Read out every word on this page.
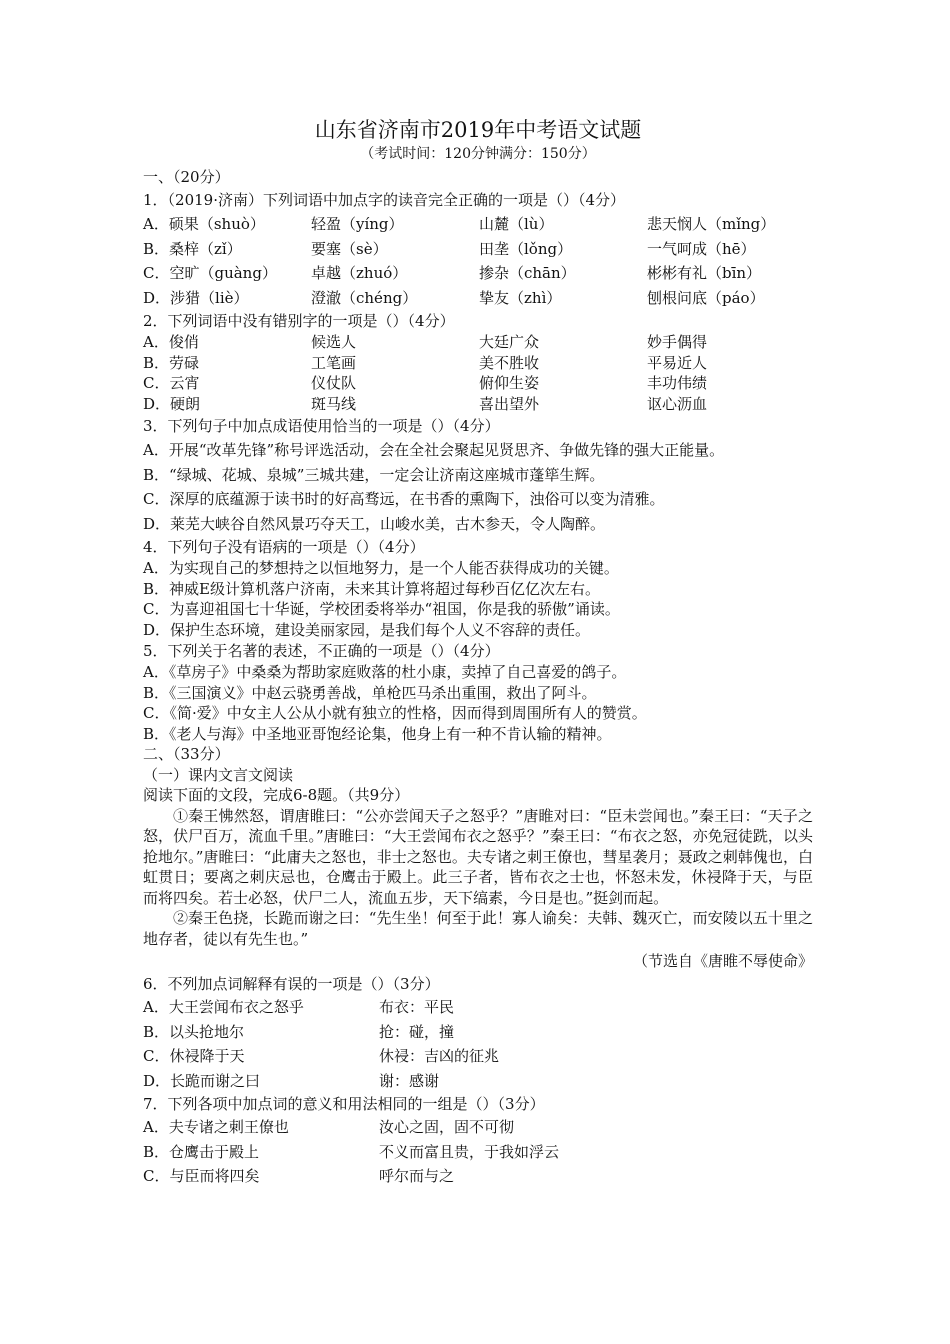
山东省济南市2019年中考语文试题
（考试时间：120分钟满分：150分）
一、（20分）
1．（2019·济南）下列词语中加点字的读音完全正确的一项是（）（4分）
A．硕果（shuò）	轻盈（yíng）	山麓（lù）	悲天悯人（mǐng）
B．桑梓（zǐ）	要塞（sè）	田垄（lǒng）	一气呵成（hē）
C．空旷（guàng）	卓越（zhuó）	掺杂（chān）	彬彬有礼（bīn）
D．涉猎（liè）	澄澈（chéng）	挚友（zhì）	刨根问底（páo）
2．下列词语中没有错别字的一项是（）（4分）
A．俊俏	候选人	大廷广众	妙手偶得
B．劳碌	工笔画	美不胜收	平易近人
C．云宵	仪仗队	俯仰生姿	丰功伟绩
D．硬朗	斑马线	喜出望外	讴心沥血
3．下列句子中加点成语使用恰当的一项是（）（4分）
A．开展“改革先锋”称号评选活动，会在全社会聚起见贤思齐、争做先锋的强大正能量。
B．“绿城、花城、泉城”三城共建，一定会让济南这座城市蓬筚生辉。
C．深厚的底蕴源于读书时的好高骛远，在书香的熏陶下，浊俗可以变为清雅。
D．莱芜大峡谷自然风景巧夺天工，山峻水美，古木参天，令人陶醉。
4．下列句子没有语病的一项是（）（4分）
A．为实现自己的梦想持之以恒地努力，是一个人能否获得成功的关键。
B．神威E级计算机落户济南，未来其计算将超过每秒百亿亿次左右。
C．为喜迎祖国七十华诞，学校团委将举办“祖国，你是我的骄傲”诵读。
D．保护生态环境，建设美丽家园，是我们每个人义不容辞的责任。
5．下列关于名著的表述，不正确的一项是（）（4分）
A．《草房子》中桑桑为帮助家庭败落的杜小康，卖掉了自己喜爱的鸽子。
B．《三国演义》中赵云骁勇善战，单枪匹马杀出重围，救出了阿斗。
C．《简·爱》中女主人公从小就有独立的性格，因而得到周围所有人的赞赏。
B．《老人与海》中圣地亚哥饱经论集，他身上有一种不肯认输的精神。
二、（33分）
（一）课内文言文阅读
阅读下面的文段，完成6-8题。（共9分）
①秦王怫然怒，谓唐睢曰：“公亦尝闻天子之怒乎？”唐睢对曰：“臣未尝闻也。”秦王曰：“天子之怒，伏尸百万，流血千里。”唐睢曰：“大王尝闻布衣之怒乎？”秦王曰：“布衣之怒，亦免冠徒跣，以头抢地尔。”唐睢曰：“此庸夫之怒也，非士之怒也。夫专诸之刺王僚也，彗星袭月；聂政之刺韩傀也，白虹贯日；要离之刺庆忌也，仓鹰击于殿上。此三子者，皆布衣之士也，怀怒未发，休祲降于天，与臣而将四矣。若士必怒，伏尸二人，流血五步，天下缟素，今日是也。”挺剑而起。
②秦王色挠，长跪而谢之曰：“先生坐！何至于此！寡人谕矣：夫韩、魏灭亡，而安陵以五十里之地存者，徒以有先生也。”
（节选自《唐睢不辱使命》
6．不列加点词解释有误的一项是（）（3分）
A．大王尝闻布衣之怒乎	布衣：平民
B．以头抢地尔	抢：碰，撞
C．休祲降于天	休祲：吉凶的征兆
D．长跪而谢之曰	谢：感谢
7．下列各项中加点词的意义和用法相同的一组是（）（3分）
A．夫专诸之刺王僚也	汝心之固，固不可彻
B．仓鹰击于殿上	不义而富且贵，于我如浮云
C．与臣而将四矣	呼尔而与之
